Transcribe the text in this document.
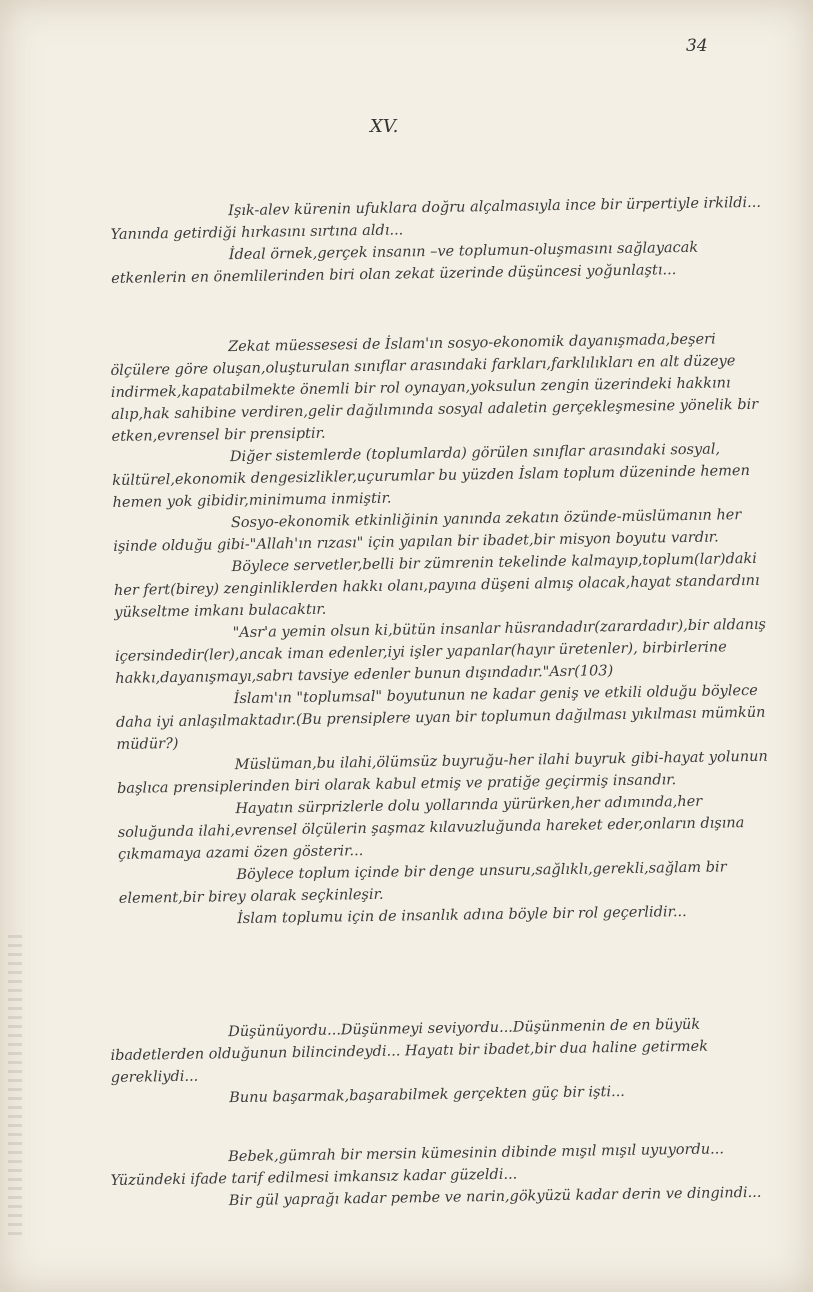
34
XV.

Işık-alev kürenin ufuklara doğru alçalmasıyla ince bir ürpertiyle irkildi... Yanında getirdiği hırkasını sırtına aldı...

İdeal örnek,gerçek insanın –ve toplumun-oluşmasını sağlayacak etkenlerin en önemlilerinden biri olan zekat üzerinde düşüncesi yoğunlaştı...

Zekat müessesesi de İslam'ın sosyo-ekonomik dayanışmada,beşeri ölçülere göre oluşan,oluşturulan sınıflar arasındaki farkları,farklılıkları en alt düzeye indirmek,kapatabilmekte önemli bir rol oynayan,yoksulun zengin üzerindeki hakkını alıp,hak sahibine verdiren,gelir dağılımında sosyal adaletin gerçekleşmesine yönelik bir etken,evrensel bir prensiptir.

Diğer sistemlerde (toplumlarda) görülen sınıflar arasındaki sosyal, kültürel,ekonomik dengesizlikler,uçurumlar bu yüzden İslam toplum düzeninde hemen hemen yok gibidir,minimuma inmiştir.

Sosyo-ekonomik etkinliğinin yanında zekatın özünde-müslümanın her işinde olduğu gibi-"Allah'ın rızası" için yapılan bir ibadet,bir misyon boyutu vardır.

Böylece servetler,belli bir zümrenin tekelinde kalmayıp,toplum(lar)daki her fert(birey) zenginliklerden hakkı olanı,payına düşeni almış olacak,hayat standardını yükseltme imkanı bulacaktır.

"Asr'a yemin olsun ki,bütün insanlar hüsrandadır(zarardadır),bir aldanış içersindedir(ler),ancak iman edenler,iyi işler yapanlar(hayır üretenler), birbirlerine hakkı,dayanışmayı,sabrı tavsiye edenler bunun dışındadır."Asr(103)

İslam'ın "toplumsal" boyutunun ne kadar geniş ve etkili olduğu böylece daha iyi anlaşılmaktadır.(Bu prensiplere uyan bir toplumun dağılması yıkılması mümkün müdür?)

Müslüman,bu ilahi,ölümsüz buyruğu-her ilahi buyruk gibi-hayat yolunun başlıca prensiplerinden biri olarak kabul etmiş ve pratiğe geçirmiş insandır.

Hayatın sürprizlerle dolu yollarında yürürken,her adımında,her soluğunda ilahi,evrensel ölçülerin şaşmaz kılavuzluğunda hareket eder,onların dışına çıkmamaya azami özen gösterir...

Böylece toplum içinde bir denge unsuru,sağlıklı,gerekli,sağlam bir element,bir birey olarak seçkinleşir.

İslam toplumu için de insanlık adına böyle bir rol geçerlidir...

Düşünüyordu...Düşünmeyi seviyordu...Düşünmenin de en büyük ibadetlerden olduğunun bilincindeydi... Hayatı bir ibadet,bir dua haline getirmek gerekliydi...

Bunu başarmak,başarabilmek gerçekten güç bir işti...

Bebek,gümrah bir mersin kümesinin dibinde mışıl mışıl uyuyordu...

Yüzündeki ifade tarif edilmesi imkansız kadar güzeldi...

Bir gül yaprağı kadar pembe ve narin,gökyüzü kadar derin ve dingindi...
